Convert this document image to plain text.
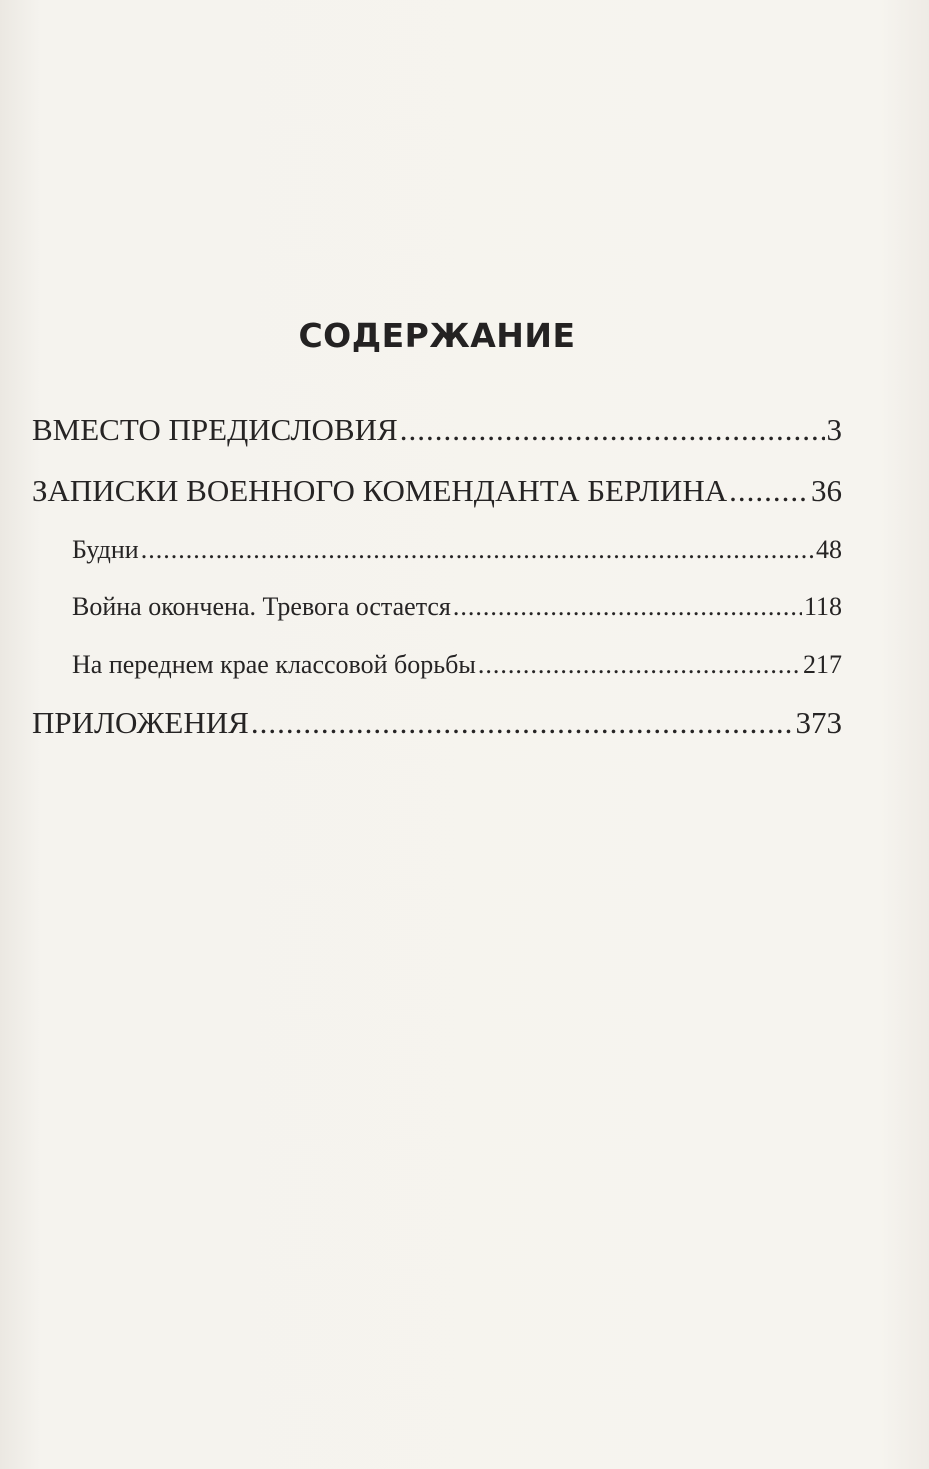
СОДЕРЖАНИЕ
ВМЕСТО ПРЕДИСЛОВИЯ .....	3
ЗАПИСКИ ВОЕННОГО КОМЕНДАНТА БЕРЛИНА .....	36
Будни .....	48
Война окончена. Тревога остается .....	118
На переднем крае классовой борьбы .....	217
ПРИЛОЖЕНИЯ .....	373
